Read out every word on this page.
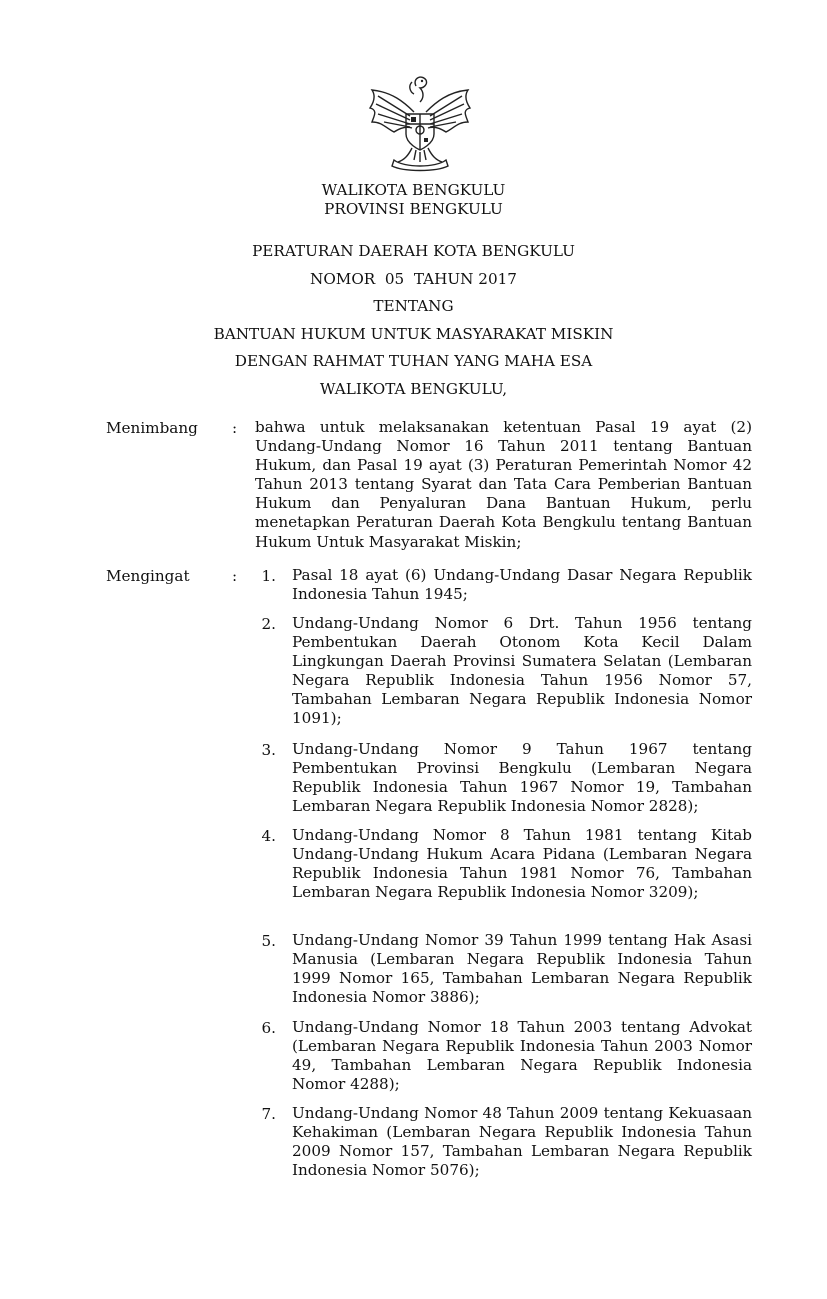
WALIKOTA BENGKULU
PROVINSI BENGKULU
PERATURAN DAERAH KOTA BENGKULU
NOMOR  05  TAHUN 2017
TENTANG
BANTUAN HUKUM UNTUK MASYARAKAT MISKIN
DENGAN RAHMAT TUHAN YANG MAHA ESA
WALIKOTA BENGKULU,
Menimbang : bahwa untuk melaksanakan ketentuan Pasal 19 ayat (2) Undang-Undang Nomor 16 Tahun 2011 tentang Bantuan Hukum, dan Pasal 19 ayat (3) Peraturan Pemerintah Nomor 42 Tahun 2013 tentang Syarat dan Tata Cara Pemberian Bantuan Hukum dan Penyaluran Dana Bantuan Hukum, perlu menetapkan Peraturan Daerah Kota Bengkulu tentang Bantuan Hukum Untuk Masyarakat Miskin;
Mengingat	:	1. Pasal 18 ayat (6) Undang-Undang Dasar Negara Republik Indonesia Tahun 1945;
2. Undang-Undang Nomor 6 Drt. Tahun 1956 tentang Pembentukan Daerah Otonom Kota Kecil Dalam Lingkungan Daerah Provinsi Sumatera Selatan (Lembaran Negara Republik Indonesia Tahun 1956 Nomor 57, Tambahan Lembaran Negara Republik Indonesia Nomor 1091);
3. Undang-Undang Nomor 9 Tahun 1967 tentang Pembentukan Provinsi Bengkulu (Lembaran Negara Republik Indonesia Tahun 1967 Nomor 19, Tambahan Lembaran Negara Republik Indonesia Nomor 2828);
4. Undang-Undang Nomor 8 Tahun 1981 tentang Kitab Undang-Undang Hukum Acara Pidana (Lembaran Negara Republik Indonesia Tahun 1981 Nomor 76, Tambahan Lembaran Negara Republik Indonesia Nomor 3209);
5. Undang-Undang Nomor 39 Tahun 1999 tentang Hak Asasi Manusia (Lembaran Negara Republik Indonesia Tahun 1999 Nomor 165, Tambahan Lembaran Negara Republik Indonesia Nomor 3886);
6. Undang-Undang Nomor 18 Tahun 2003 tentang Advokat (Lembaran Negara Republik Indonesia Tahun 2003 Nomor 49, Tambahan Lembaran Negara Republik Indonesia Nomor 4288);
7. Undang-Undang Nomor 48 Tahun 2009 tentang Kekuasaan Kehakiman (Lembaran Negara Republik Indonesia Tahun 2009 Nomor 157, Tambahan Lembaran Negara Republik Indonesia Nomor 5076);
